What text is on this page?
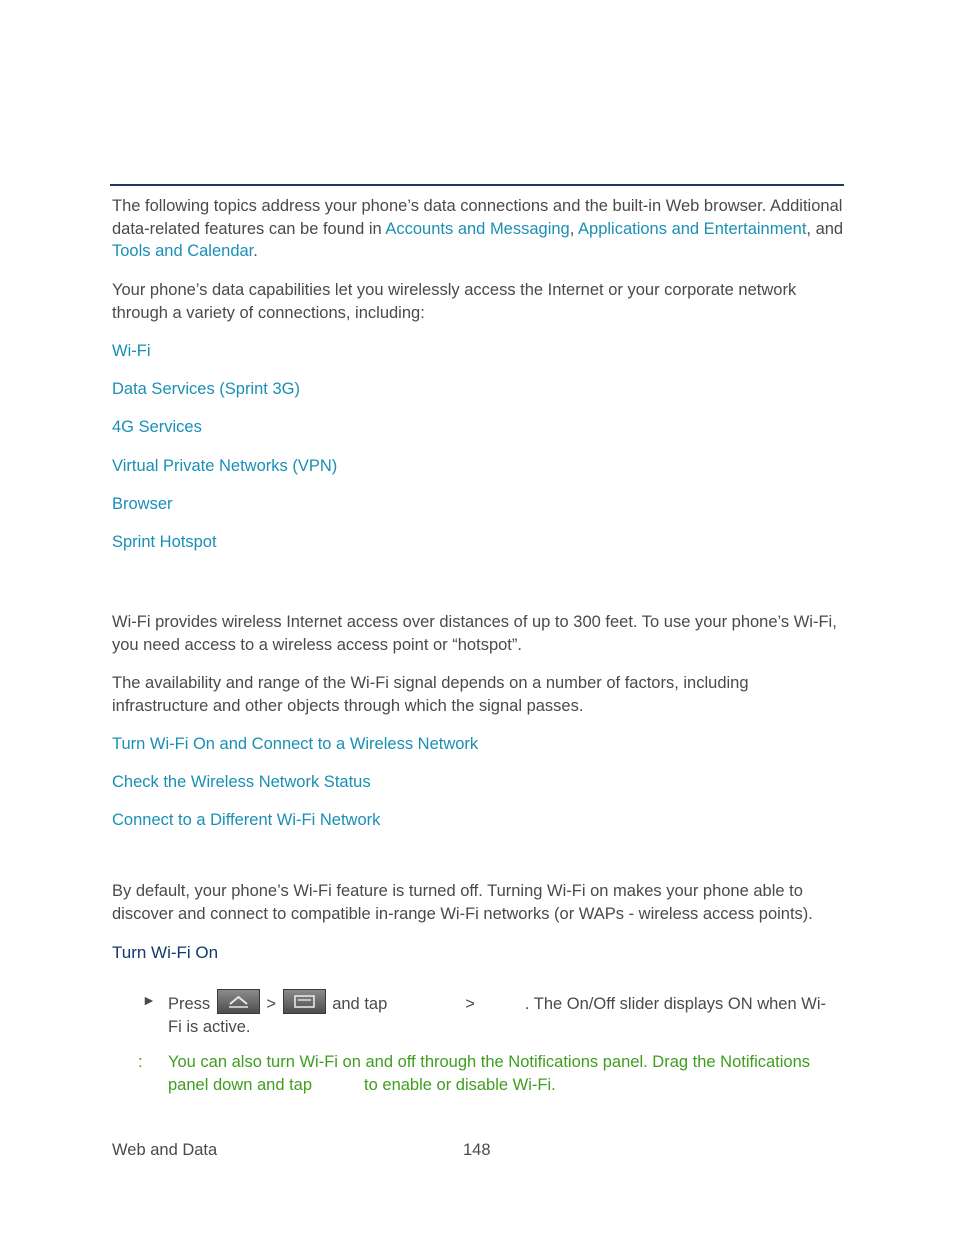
The following topics address your phone’s data connections and the built-in Web browser. Additional data-related features can be found in Accounts and Messaging, Applications and Entertainment, and Tools and Calendar.

Your phone’s data capabilities let you wirelessly access the Internet or your corporate network through a variety of connections, including:

Wi-Fi
Data Services (Sprint 3G)
4G Services
Virtual Private Networks (VPN)
Browser
Sprint Hotspot

Wi-Fi provides wireless Internet access over distances of up to 300 feet. To use your phone’s Wi-Fi, you need access to a wireless access point or “hotspot”.

The availability and range of the Wi-Fi signal depends on a number of factors, including infrastructure and other objects through which the signal passes.

Turn Wi-Fi On and Connect to a Wireless Network
Check the Wireless Network Status
Connect to a Different Wi-Fi Network

By default, your phone’s Wi-Fi feature is turned off. Turning Wi-Fi on makes your phone able to discover and connect to compatible in-range Wi-Fi networks (or WAPs - wireless access points).

Turn Wi-Fi On

► Press	>	and tap	>	. The On/Off slider displays ON when Wi-
Fi is active.

:	You can also turn Wi-Fi on and off through the Notifications panel. Drag the Notifications
panel down and tap	to enable or disable Wi-Fi.

Web and Data	148
